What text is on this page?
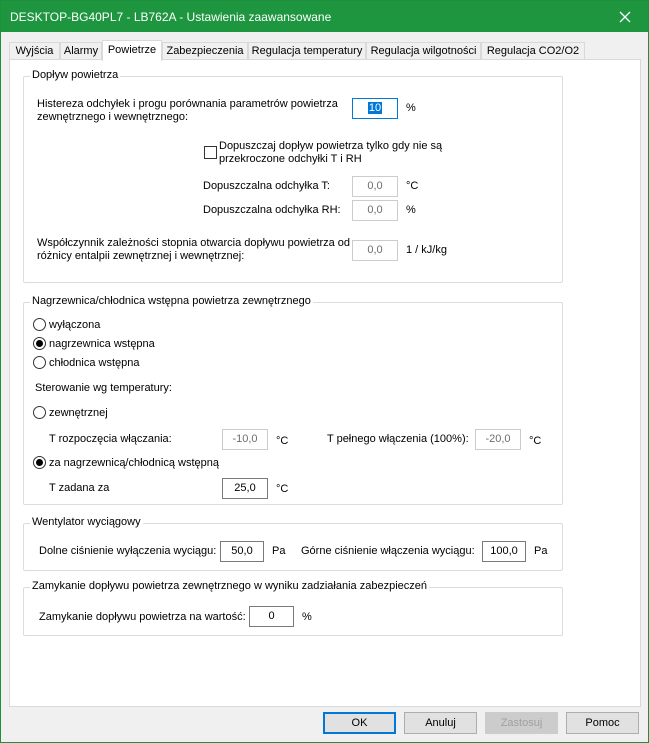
DESKTOP-BG40PL7 - LB762A - Ustawienia zaawansowane
Wyjścia Alarmy Powietrze Zabezpieczenia Regulacja temperatury Regulacja wilgotności Regulacja CO2/O2
Dopływ powietrza
Histereza odchyłek i progu porównania parametrów powietrza
zewnętrznego i wewnętrznego:
10	%
Dopuszczaj dopływ powietrza tylko gdy nie są
przekroczone odchyłki T i RH
Dopuszczalna odchyłka T:	0,0	°C
Dopuszczalna odchyłka RH:	0,0	%
Współczynnik zależności stopnia otwarcia dopływu powietrza od
różnicy entalpii zewnętrznej i wewnętrznej:	0,0	1 / kJ/kg
Nagrzewnica/chłodnica wstępna powietrza zewnętrznego
wyłączona
nagrzewnica wstępna
chłodnica wstępna
Sterowanie wg temperatury:
zewnętrznej
T rozpoczęcia włączania:	-10,0	°C	T pełnego włączenia (100%):	-20,0	°C
za nagrzewnicą/chłodnicą wstępną
T zadana za	25,0	°C
Wentylator wyciągowy
Dolne ciśnienie wyłączenia wyciągu:	50,0	Pa Górne ciśnienie włączenia wyciągu:	100,0	Pa
Zamykanie dopływu powietrza zewnętrznego w wyniku zadziałania zabezpieczeń
Zamykanie dopływu powietrza na wartość:	0	%
OK	Anuluj	Zastosuj	Pomoc
